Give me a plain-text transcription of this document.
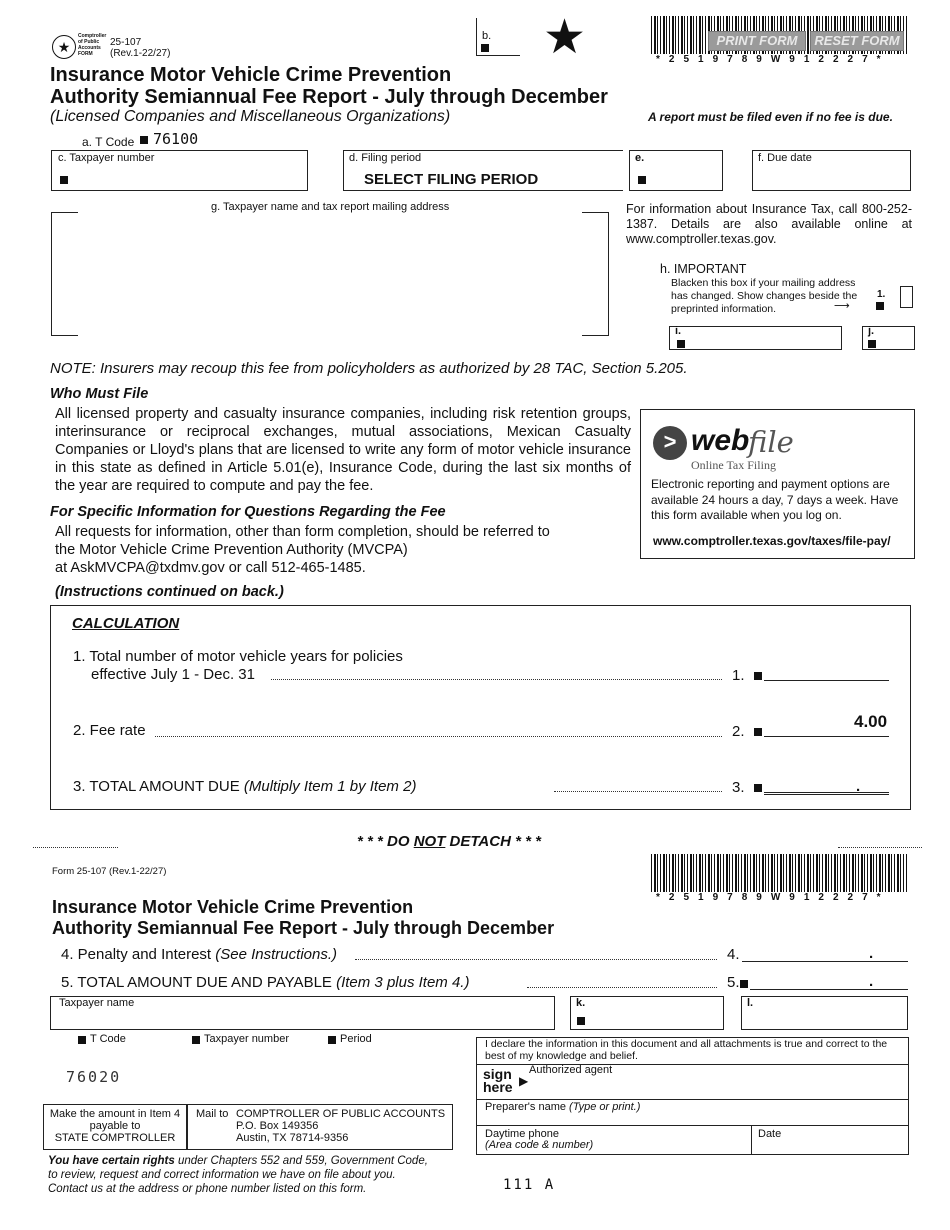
★
Comptroller of Public Accounts FORM
25-107
(Rev.1-22/27)
b. ★	PRINT FORM	RESET FORM
*2519789W912227*
Insurance Motor Vehicle Crime Prevention
Authority Semiannual Fee Report - July through December
(Licensed Companies and Miscellaneous Organizations)	A report must be filed even if no fee is due.
a. T Code 76100
c. Taxpayer number	d. Filing period
SELECT FILING PERIOD
e.	f. Due date
g. Taxpayer name and tax report mailing address	For information about Insurance Tax, call 800-252-1387. Details are also available online at www.comptroller.texas.gov.
h. IMPORTANT
Blacken this box if your mailing address has changed. Show changes beside the preprinted information.	⟶
1.
i.	j.
NOTE: Insurers may recoup this fee from policyholders as authorized by 28 TAC, Section 5.205.
Who Must File
All licensed property and casualty insurance companies, including risk retention groups, interinsurance or reciprocal exchanges, mutual associations, Mexican Casualty Companies or Lloyd's plans that are licensed to write any form of motor vehicle insurance in this state as defined in Article 5.01(e), Insurance Code, during the last six months of the year are required to compute and pay the fee.
For Specific Information for Questions Regarding the Fee
All requests for information, other than form completion, should be referred to
the Motor Vehicle Crime Prevention Authority (MVCPA)
at AskMVCPA@txdmv.gov or call 512-465-1485.
(Instructions continued on back.)
> web
file
Online Tax Filing
Electronic reporting and payment options are available 24 hours a day, 7 days a week. Have this form available when you log on.
www.comptroller.texas.gov/taxes/file-pay/
CALCULATION
1. Total number of motor vehicle years for policies
effective July 1 - Dec. 31	1.
2. Fee rate	2.
4.00
3. TOTAL AMOUNT DUE (Multiply Item 1 by Item 2)	3.	.
* * * DO NOT DETACH * * *
Form 25-107 (Rev.1-22/27)
*2519789W912227*
Insurance Motor Vehicle Crime Prevention
Authority Semiannual Fee Report - July through December
4. Penalty and Interest (See Instructions.)	4.	.
5. TOTAL AMOUNT DUE AND PAYABLE (Item 3 plus Item 4.)	5.	.
Taxpayer name	k.	l.
T Code	Taxpayer number	Period
76020
I declare the information in this document and all attachments is true and correct to the best of my knowledge and belief.
sign here ▶
Authorized agent
Preparer's name (Type or print.)
Daytime phone
(Area code & number)
Date
Make the amount in Item 4
payable to
STATE COMPTROLLER
Mail to COMPTROLLER OF PUBLIC ACCOUNTS
P.O. Box 149356
Austin, TX 78714-9356
You have certain rights under Chapters 552 and 559, Government Code,
to review, request and correct information we have on file about you.
Contact us at the address or phone number listed on this form.	111 A
